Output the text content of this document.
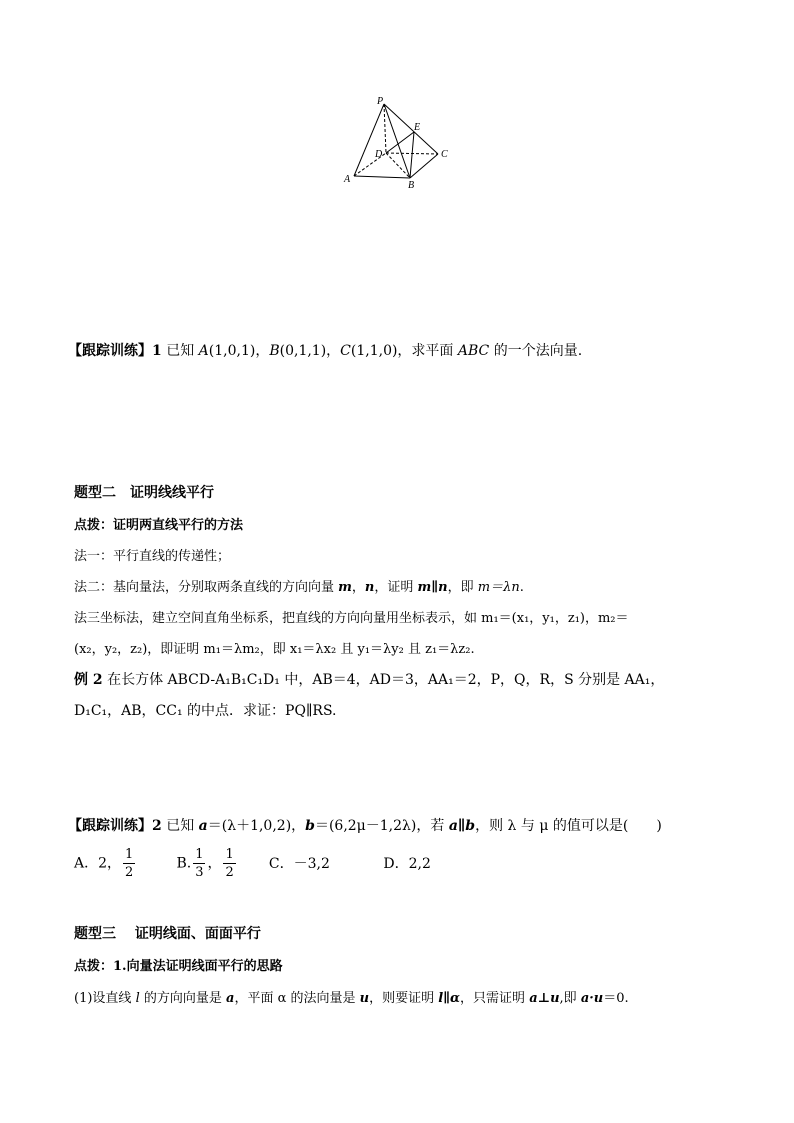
P
E
D	C
A
B
【跟踪训练】1 已知 A(1,0,1)，B(0,1,1)，C(1,1,0)，求平面 ABC 的一个法向量.
题型二　证明线线平行
点拨：证明两直线平行的方法
法一：平行直线的传递性；
法二：基向量法，分别取两条直线的方向向量 m，n，证明 m∥n，即 m＝λn.
法三坐标法，建立空间直角坐标系，把直线的方向向量用坐标表示，如 m₁＝(x₁，y₁，z₁)，m₂＝
(x₂，y₂，z₂)，即证明 m₁＝λm₂，即 x₁＝λx₂ 且 y₁＝λy₂ 且 z₁＝λz₂.
例 2 在长方体 ABCD-A₁B₁C₁D₁ 中，AB＝4，AD＝3，AA₁＝2，P，Q，R，S 分别是 AA₁，
D₁C₁，AB，CC₁ 的中点．求证：PQ∥RS.
【跟踪训练】2 已知 a＝(λ＋1,0,2)，b＝(6,2μ－1,2λ)，若 a∥b，则 λ 与 μ 的值可以是(　　)
A．2， $\frac{1}{2}$	B. $\frac{1}{3}$ ， $\frac{1}{2}$ C．－3,2	D．2,2
题型三　 证明线面、面面平行
点拨：1.向量法证明线面平行的思路
(1)设直线 l 的方向向量是 a，平面 α 的法向量是 u，则要证明 l∥α，只需证明 a⊥u,即 a·u＝0.
